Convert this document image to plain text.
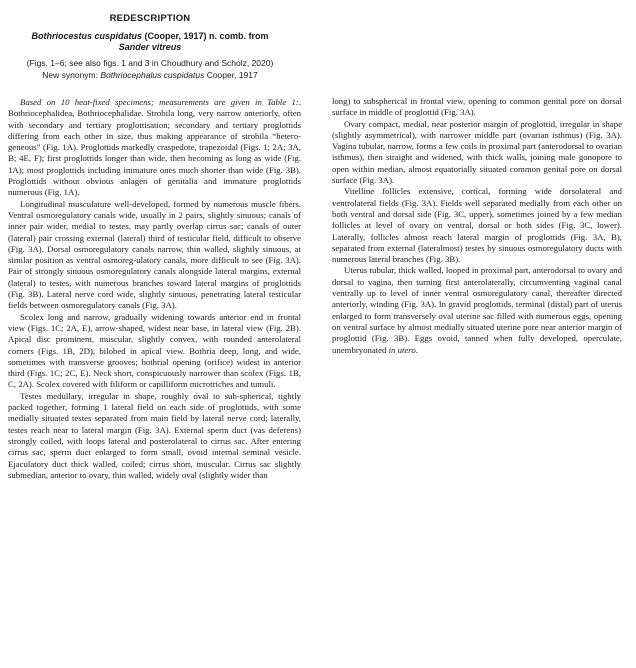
REDESCRIPTION
Bothriocestus cuspidatus (Cooper, 1917) n. comb. from
Sander vitreus
(Figs. 1–6; see also figs. 1 and 3 in Choudhury and Scholz, 2020)
New synonym: Bothriocephalus cuspidatus Cooper, 1917

Based on 10 heat-fixed specimens; measurements are given in Table 1:. Bothriocephalidea, Bothriocephalidae. Strobila long, very narrow anteriorly, often with secondary and tertiary proglottisation; secondary and tertiary proglottids differing from each other in size, thus making appearance of strobila “hetero-geneous” (Fig. 1A). Proglottids markedly craspedote, trapezoidal (Figs. 1; 2A; 3A, B; 4E, F); first proglottids longer than wide, then becoming as long as wide (Fig. 1A); most proglottids including immature ones much shorter than wide (Fig. 3B). Proglottids without obvious anlagen of genitalia and immature proglottids numerous (Fig. 1A).

Longitudinal musculature well-developed, formed by numerous muscle fibers. Ventral osmoregulatory canals wide, usually in 2 pairs, slightly sinuous; canals of inner pair wider, medial to testes, may partly overlap cirrus sac; canals of outer (lateral) pair crossing external (lateral) third of testicular field, difficult to observe (Fig. 3A). Dorsal osmoregulatory canals narrow, thin walled, slightly sinuous, at similar position as ventral osmoreg-ulatory canals, more difficult to see (Fig. 3A). Pair of strongly sinuous osmoregulatory canals alongside lateral margins, external (lateral) to testes, with numerous branches toward lateral margins of proglottids (Fig. 3B). Lateral nerve cord wide, slightly sinuous, penetrating lateral testicular fields between osmoregulatory canals (Fig. 3A).

Scolex long and narrow, gradually widening towards anterior end in frontal view (Figs. 1C; 2A, E), arrow-shaped, widest near base, in lateral view (Fig. 2B). Apical disc prominent, muscular, slightly convex, with rounded anterolateral corners (Figs. 1B, 2D), bilobed in apical view. Bothria deep, long, and wide, sometimes with transverse grooves; bothrial opening (orifice) widest in anterior third (Figs. 1C; 2C, E). Neck short, conspicuously narrower than scolex (Figs. 1B, C, 2A). Scolex covered with filiform or capilliform microtriches and tumuli.

Testes medullary, irregular in shape, roughly oval to sub-spherical, tightly packed together, forming 1 lateral field on each side of proglottids, with some medially situated testes separated from main field by lateral nerve cord; laterally, testes reach near to lateral margin (Fig. 3A). External sperm duct (vas deferens) strongly coiled, with loops lateral and posterolateral to cirrus sac. After entering cirrus sac, sperm duct enlarged to form small, ovoid internal seminal vesicle. Ejaculatory duct thick walled, coiled; cirrus short, muscular. Cirrus sac slightly submedian, anterior to ovary, thin walled, widely oval (slightly wider than

long) to subspherical in frontal view, opening to common genital pore on dorsal surface in middle of proglottid (Fig. 3A).

Ovary compact, medial, near posterior margin of proglottid, irregular in shape (slightly asymmetrical), with narrower middle part (ovarian isthmus) (Fig. 3A). Vagina tubular, narrow, forms a few coils in proximal part (anterodorsal to ovarian isthmus), then straight and widened, with thick walls, joining male gonopore to open within median, almost equatorially situated common genital pore on dorsal surface (Fig. 3A).

Vitelline follicles extensive, cortical, forming wide dorsolateral and ventrolateral fields (Fig. 3A). Fields well separated medially from each other on both ventral and dorsal side (Fig. 3C, upper), sometimes joined by a few median follicles at level of ovary on ventral, dorsal or both sides (Fig. 3C, lower). Laterally, follicles almost reach lateral margin of proglottids (Fig. 3A, B), separated from external (lateralmost) testes by sinuous osmoregulatory ducts with numerous lateral branches (Fig. 3B).

Uterus tubular, thick walled, looped in proximal part, anterodorsal to ovary and dorsal to vagina, then turning first anterolaterally, circumventing vaginal canal ventrally up to level of inner ventral osmoregulatory canal, thereafter directed anteriorly, winding (Fig. 3A). In gravid proglottids, terminal (distal) part of uterus enlarged to form transversely oval uterine sac filled with numerous eggs, opening on ventral surface by almost medially situated uterine pore near anterior margin of proglottid (Fig. 3B). Eggs ovoid, tanned when fully developed, operculate, unembryonated in utero.
